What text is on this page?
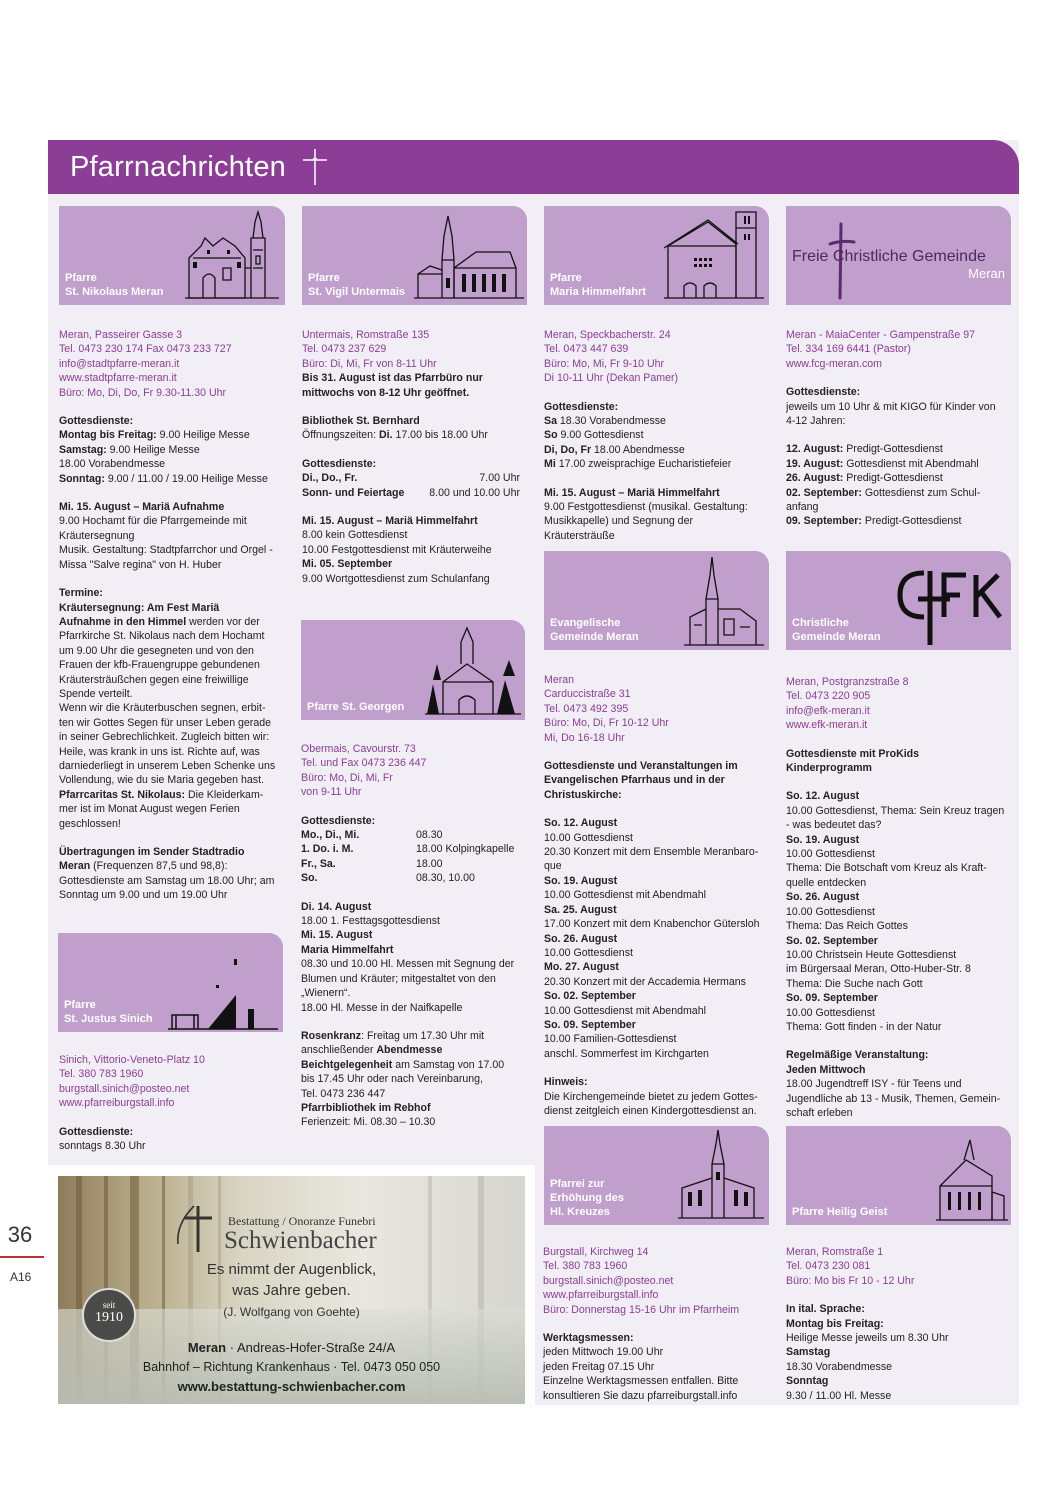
Pfarrnachrichten
36
A16
Pfarre
St. Nikolaus Meran
Pfarre
St. Vigil Untermais
Pfarre
Maria Himmelfahrt
Freie Christliche Gemeinde
Meran
Evangelische
Gemeinde Meran
Christliche
Gemeinde Meran
Pfarre St. Georgen
Pfarre
St. Justus Sinich
Pfarrei zur
Erhöhung des
Hl. Kreuzes	Pfarre Heilig Geist
Meran, Passeirer Gasse 3
Tel. 0473 230 174 Fax 0473 233 727
info@stadtpfarre-meran.it
www.stadtpfarre-meran.it
Büro: Mo, Di, Do, Fr 9.30-11.30 Uhr
Gottesdienste:
Montag bis Freitag: 9.00 Heilige Messe
Samstag: 9.00 Heilige Messe
18.00 Vorabendmesse
Sonntag: 9.00 / 11.00 / 19.00 Heilige Messe
Mi. 15. August – Mariä Aufnahme
9.00 Hochamt für die Pfarrgemeinde mit
Kräutersegnung
Musik. Gestaltung: Stadtpfarrchor und Orgel -
Missa "Salve regina" von H. Huber
Termine:
Kräutersegnung: Am Fest Mariä
Aufnahme in den Himmel werden vor der
Pfarrkirche St. Nikolaus nach dem Hochamt
um 9.00 Uhr die gesegneten und von den
Frauen der kfb-Frauengruppe gebundenen
Kräutersträußchen gegen eine freiwillige
Spende verteilt.
Wenn wir die Kräuterbuschen segnen, erbit-
ten wir Gottes Segen für unser Leben gerade
in seiner Gebrechlichkeit. Zugleich bitten wir:
Heile, was krank in uns ist. Richte auf, was
darniederliegt in unserem Leben Schenke uns
Vollendung, wie du sie Maria gegeben hast.
Pfarrcaritas St. Nikolaus: Die Kleiderkam-
mer ist im Monat August wegen Ferien
geschlossen!
Übertragungen im Sender Stadtradio
Meran (Frequenzen 87,5 und 98,8):
Gottesdienste am Samstag um 18.00 Uhr; am
Sonntag um 9.00 und um 19.00 Uhr
Sinich, Vittorio-Veneto-Platz 10
Tel. 380 783 1960
burgstall.sinich@posteo.net
www.pfarreiburgstall.info
Gottesdienste:
sonntags 8.30 Uhr
Untermais, Romstraße 135
Tel. 0473 237 629
Büro: Di, Mi, Fr von 8-11 Uhr
Bis 31. August ist das Pfarrbüro nur
mittwochs von 8-12 Uhr geöffnet.
Bibliothek St. Bernhard
Öffnungszeiten: Di. 17.00 bis 18.00 Uhr
Gottesdienste:
Di., Do., Fr.	7.00 Uhr
Sonn- und Feiertage 8.00 und 10.00 Uhr
Mi. 15. August – Mariä Himmelfahrt
8.00 kein Gottesdienst
10.00 Festgottesdienst mit Kräuterweihe
Mi. 05. September
9.00 Wortgottesdienst zum Schulanfang
Obermais, Cavourstr. 73
Tel. und Fax 0473 236 447
Büro: Mo, Di, Mi, Fr
von 9-11 Uhr
Gottesdienste:
Mo., Di., Mi.	08.30
1. Do. i. M.	18.00 Kolpingkapelle
Fr., Sa.	18.00
So.	08.30, 10.00
Di. 14. August
18.00 1. Festtagsgottesdienst
Mi. 15. August
Maria Himmelfahrt
08.30 und 10.00 Hl. Messen mit Segnung der
Blumen und Kräuter; mitgestaltet von den
„Wienern“.
18.00 Hl. Messe in der Naifkapelle
Rosenkranz: Freitag um 17.30 Uhr mit
anschließender Abendmesse
Beichtgelegenheit am Samstag von 17.00
bis 17.45 Uhr oder nach Vereinbarung,
Tel. 0473 236 447
Pfarrbibliothek im Rebhof
Ferienzeit: Mi. 08.30 – 10.30
Meran, Speckbacherstr. 24
Tel. 0473 447 639
Büro: Mo, Mi, Fr 9-10 Uhr
Di 10-11 Uhr (Dekan Pamer)
Gottesdienste:
Sa 18.30 Vorabendmesse
So 9.00 Gottesdienst
Di, Do, Fr 18.00 Abendmesse
Mi 17.00 zweisprachige Eucharistiefeier
Mi. 15. August – Mariä Himmelfahrt
9.00 Festgottesdienst (musikal. Gestaltung:
Musikkapelle) und Segnung der
Kräutersträuße
Meran
Carduccistraße 31
Tel. 0473 492 395
Büro: Mo, Di, Fr 10-12 Uhr
Mi, Do 16-18 Uhr
Gottesdienste und Veranstaltungen im
Evangelischen Pfarrhaus und in der
Christuskirche:
So. 12. August
10.00 Gottesdienst
20.30 Konzert mit dem Ensemble Meranbaro-
que
So. 19. August
10.00 Gottesdienst mit Abendmahl
Sa. 25. August
17.00 Konzert mit dem Knabenchor Gütersloh
So. 26. August
10.00 Gottesdienst
Mo. 27. August
20.30 Konzert mit der Accademia Hermans
So. 02. September
10.00 Gottesdienst mit Abendmahl
So. 09. September
10.00 Familien-Gottesdienst
anschl. Sommerfest im Kirchgarten
Hinweis:
Die Kirchengemeinde bietet zu jedem Gottes-
dienst zeitgleich einen Kindergottesdienst an.
Burgstall, Kirchweg 14
Tel. 380 783 1960
burgstall.sinich@posteo.net
www.pfarreiburgstall.info
Büro: Donnerstag 15-16 Uhr im Pfarrheim
Werktagsmessen:
jeden Mittwoch 19.00 Uhr
jeden Freitag 07.15 Uhr
Einzelne Werktagsmessen entfallen. Bitte
konsultieren Sie dazu pfarreiburgstall.info
Meran - MaiaCenter - Gampenstraße 97
Tel. 334 169 6441 (Pastor)
www.fcg-meran.com
Gottesdienste:
jeweils um 10 Uhr & mit KIGO für Kinder von
4-12 Jahren:
12. August: Predigt-Gottesdienst
19. August: Gottesdienst mit Abendmahl
26. August: Predigt-Gottesdienst
02. September: Gottesdienst zum Schul-
anfang
09. September: Predigt-Gottesdienst
Meran, Postgranzstraße 8
Tel. 0473 220 905
info@efk-meran.it
www.efk-meran.it
Gottesdienste mit ProKids
Kinderprogramm
So. 12. August
10.00 Gottesdienst, Thema: Sein Kreuz tragen
- was bedeutet das?
So. 19. August
10.00 Gottesdienst
Thema: Die Botschaft vom Kreuz als Kraft-
quelle entdecken
So. 26. August
10.00 Gottesdienst
Thema: Das Reich Gottes
So. 02. September
10.00 Christsein Heute Gottesdienst
im Bürgersaal Meran, Otto-Huber-Str. 8
Thema: Die Suche nach Gott
So. 09. September
10.00 Gottesdienst
Thema: Gott finden - in der Natur
Regelmäßige Veranstaltung:
Jeden Mittwoch
18.00 Jugendtreff ISY - für Teens und
Jugendliche ab 13 - Musik, Themen, Gemein-
schaft erleben
Meran, Romstraße 1
Tel. 0473 230 081
Büro: Mo bis Fr 10 - 12 Uhr
In ital. Sprache:
Montag bis Freitag:
Heilige Messe jeweils um 8.30 Uhr
Samstag
18.30 Vorabendmesse
Sonntag
9.30 / 11.00 Hl. Messe
Bestattung / Onoranze Funebri
Schwienbacher
Es nimmt der Augenblick,
was Jahre geben.
(J. Wolfgang von Goehte)
seit
1910
Meran · Andreas-Hofer-Straße 24/A
Bahnhof – Richtung Krankenhaus · Tel. 0473 050 050
www.bestattung-schwienbacher.com
